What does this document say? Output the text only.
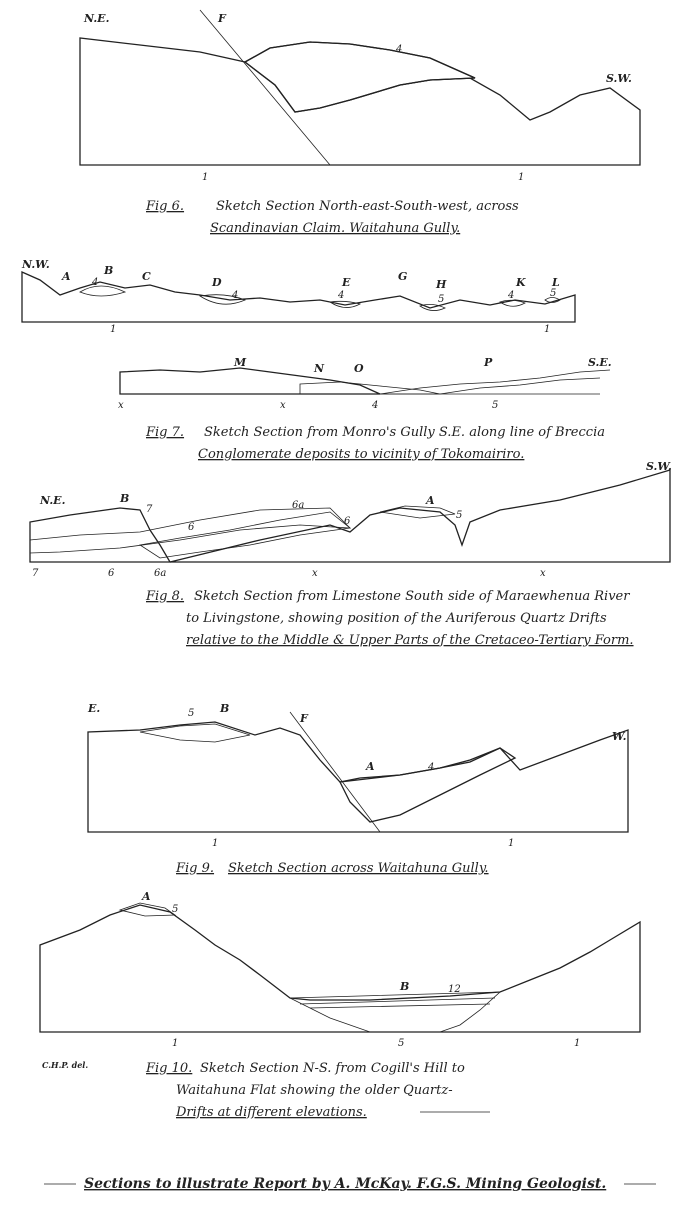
N.E.	F
S.W.
4
1	1
Fig 6. Sketch Section North-east-South-west, across
Scandinavian Claim. Waitahuna Gully.
N.W.
A	B	C	D	E	G
H	K L
4
4	4	5	4	5
1	1
M	N	O	P	S.E.
x	x	4	5
Fig 7. Sketch Section from Monro's Gully S.E. along line of Breccia
Conglomerate deposits to vicinity of Tokomairiro.
N.E.	B	A
S.W.
7	6a
6
6
5
7	6	6a	x	x
Fig 8. Sketch Section from Limestone South side of Maraewhenua River
to Livingstone, showing position of the Auriferous Quartz Drifts
relative to the Middle & Upper Parts of the Cretaceo-Tertiary Form.
E.	B
F
A
W.
5
4
1	1
Fig 9. Sketch Section across Waitahuna Gully.
A
5
B	12
1	5	1
C.H.P. del.	Fig 10. Sketch Section N-S. from Cogill's Hill to
Waitahuna Flat showing the older Quartz-
Drifts at different elevations.
Sections to illustrate Report by A. McKay. F.G.S. Mining Geologist.
